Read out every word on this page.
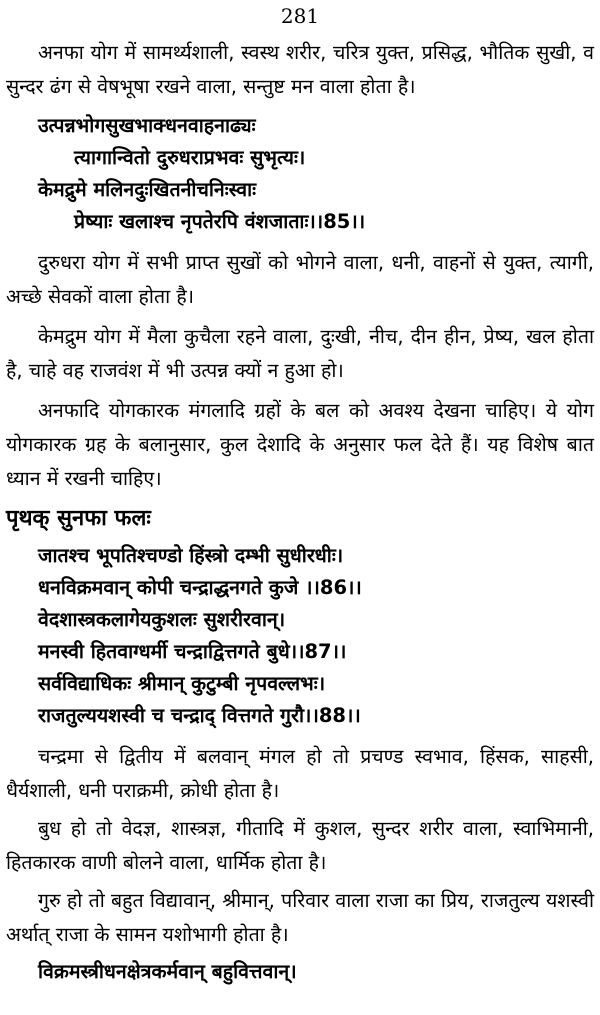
281

अनफा योग में सामर्थ्यशाली, स्वस्थ शरीर, चरित्र युक्त, प्रसिद्ध, भौतिक सुखी, व सुन्दर ढंग से वेषभूषा रखने वाला, सन्तुष्ट मन वाला होता है।

उत्पन्नभोगसुखभाक्धनवाहनाढ्यः
त्यागान्वितो दुरुधराप्रभवः सुभृत्यः।
केमद्रुमे मलिनदुःखितनीचनिःस्वाः
प्रेष्याः खलाश्च नृपतेरपि वंशजाताः।।85।।

दुरुधरा योग में सभी प्राप्त सुखों को भोगने वाला, धनी, वाहनों से युक्त, त्यागी, अच्छे सेवकों वाला होता है।

केमद्रुम योग में मैला कुचैला रहने वाला, दुःखी, नीच, दीन हीन, प्रेष्य, खल होता है, चाहे वह राजवंश में भी उत्पन्न क्यों न हुआ हो।

अनफादि योगकारक मंगलादि ग्रहों के बल को अवश्य देखना चाहिए। ये योग योगकारक ग्रह के बलानुसार, कुल देशादि के अनुसार फल देते हैं। यह विशेष बात ध्यान में रखनी चाहिए।

पृथक् सुनफा फलः
जातश्च भूपतिश्चण्डो हिंस्त्रो दम्भी सुधीरधीः।
धनविक्रमवान् कोपी चन्द्राद्धनगते कुजे ।।86।।
वेदशास्त्रकलागेयकुशलः सुशरीरवान्।
मनस्वी हितवाग्धर्मी चन्द्राद्वित्तगते बुधे।।87।।
सर्वविद्याधिकः श्रीमान् कुटुम्बी नृपवल्लभः।
राजतुल्ययशस्वी च चन्द्राद् वित्तगते गुरौ।।88।।

चन्द्रमा से द्वितीय में बलवान् मंगल हो तो प्रचण्ड स्वभाव, हिंसक, साहसी, धैर्यशाली, धनी पराक्रमी, क्रोधी होता है।

बुध हो तो वेदज्ञ, शास्त्रज्ञ, गीतादि में कुशल, सुन्दर शरीर वाला, स्वाभिमानी, हितकारक वाणी बोलने वाला, धार्मिक होता है।

गुरु हो तो बहुत विद्यावान्, श्रीमान्, परिवार वाला राजा का प्रिय, राजतुल्य यशस्वी अर्थात् राजा के सामन यशोभागी होता है।

विक्रमस्त्रीधनक्षेत्रकर्मवान् बहुवित्तवान्।
